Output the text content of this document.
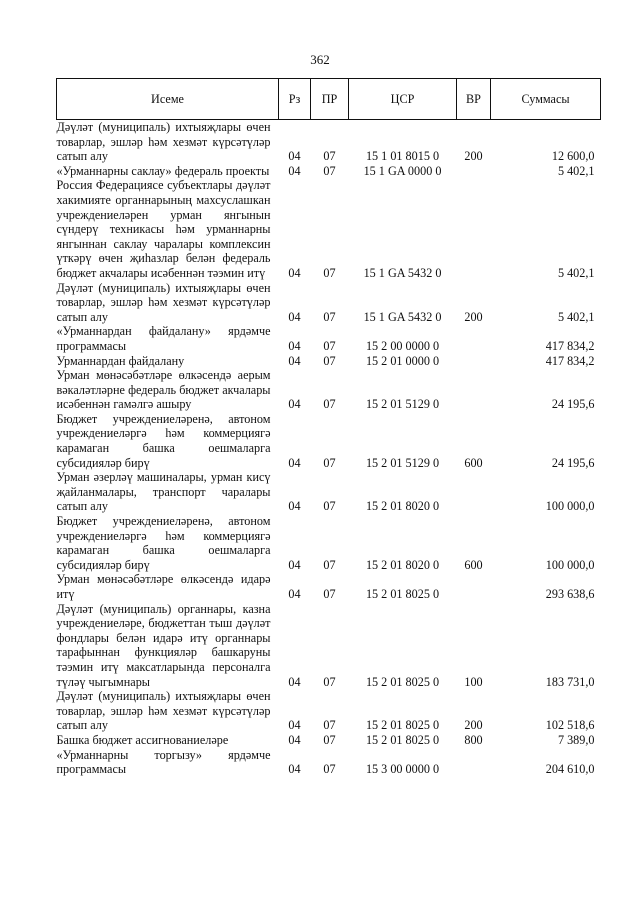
362
Исеме	Рз	ПР	ЦСР	ВР	Суммасы
Дәүләт (муниципаль) ихтыяҗлары өчен товарлар, эшләр һәм хезмәт күрсәтүләр сатып алу	04	07	15 1 01 8015 0	200	12 600,0
«Урманнарны саклау» федераль проекты	04	07	15 1 GA 0000 0		5 402,1
Россия Федерациясе субъектлары дәүләт хакимияте органнарының махсуслашкан учреждениеләрен урман янгынын сүндерү техникасы һәм урманнарны янгыннан саклау чаралары комплексин үткәрү өчен җиһазлар белән федераль бюджет акчалары исәбеннән тәэмин итү	04	07	15 1 GA 5432 0		5 402,1
Дәүләт (муниципаль) ихтыяҗлары өчен товарлар, эшләр һәм хезмәт күрсәтүләр сатып алу	04	07	15 1 GA 5432 0	200	5 402,1
«Урманнардан файдалану» ярдәмче программасы	04	07	15 2 00 0000 0		417 834,2
Урманнардан файдалану	04	07	15 2 01 0000 0		417 834,2
Урман мөнәсәбәтләре өлкәсендә аерым вәкаләтләрне федераль бюджет акчалары исәбеннән гамәлгә ашыру	04	07	15 2 01 5129 0		24 195,6
Бюджет учреждениеләренә, автоном учреждениеләргә һәм коммерциягә карамаган башка оешмаларга субсидияләр бирү	04	07	15 2 01 5129 0	600	24 195,6
Урман әзерләү машиналары, урман кисү җайланмалары, транспорт чаралары сатып алу	04	07	15 2 01 8020 0		100 000,0
Бюджет учреждениеләренә, автоном учреждениеләргә һәм коммерциягә карамаган башка оешмаларга субсидияләр бирү	04	07	15 2 01 8020 0	600	100 000,0
Урман мөнәсәбәтләре өлкәсендә идарә итү	04	07	15 2 01 8025 0		293 638,6
Дәүләт (муниципаль) органнары, казна учреждениеләре, бюджеттан тыш дәүләт фондлары белән идарә итү органнары тарафыннан функцияләр башкаруны тәэмин итү максатларында персоналга түләү чыгымнары	04	07	15 2 01 8025 0	100	183 731,0
Дәүләт (муниципаль) ихтыяҗлары өчен товарлар, эшләр һәм хезмәт күрсәтүләр сатып алу	04	07	15 2 01 8025 0	200	102 518,6
Башка бюджет ассигнованиеләре	04	07	15 2 01 8025 0	800	7 389,0
«Урманнарны торгызу» ярдәмче программасы	04	07	15 3 00 0000 0		204 610,0
